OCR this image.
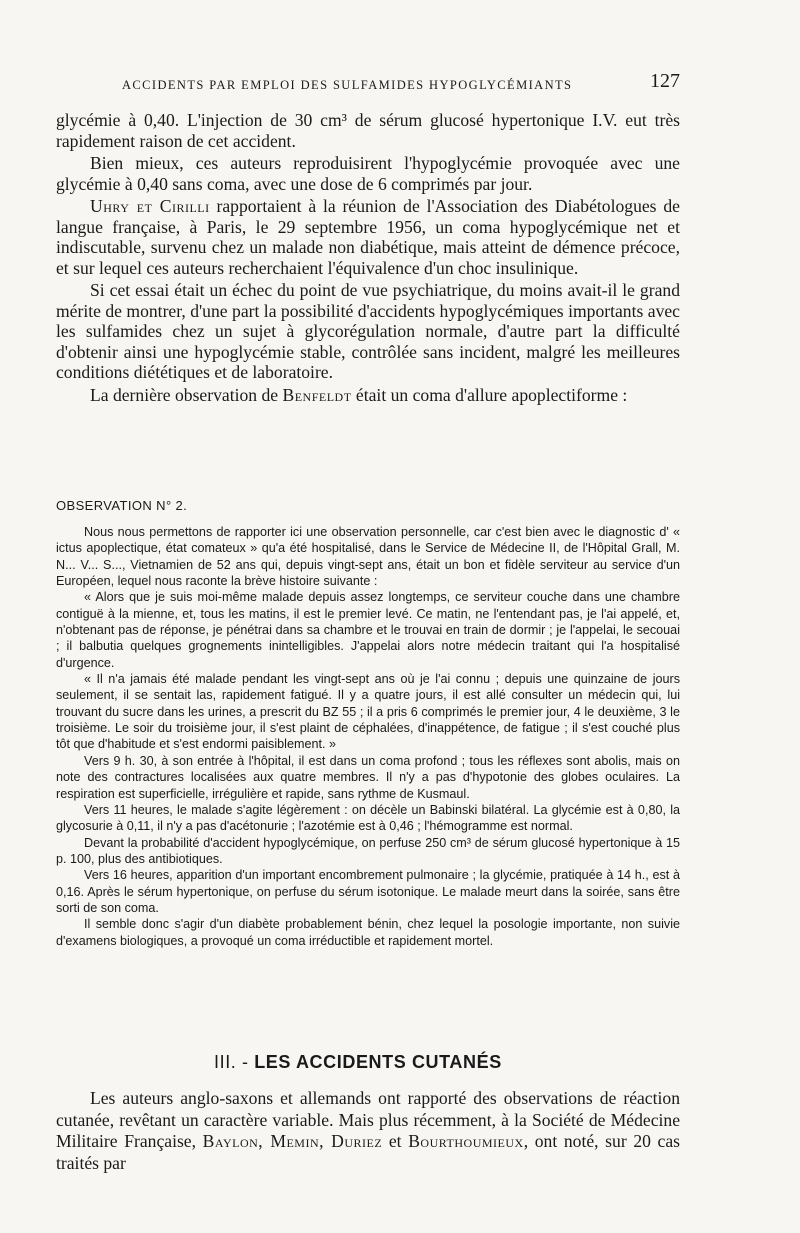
ACCIDENTS PAR EMPLOI DES SULFAMIDES HYPOGLYCÉMIANTS	127

glycémie à 0,40. L'injection de 30 cm³ de sérum glucosé hypertonique I.V. eut très rapidement raison de cet accident.

Bien mieux, ces auteurs reproduisirent l'hypoglycémie provoquée avec une glycémie à 0,40 sans coma, avec une dose de 6 comprimés par jour.

Uhry et Cirilli rapportaient à la réunion de l'Association des Diabétologues de langue française, à Paris, le 29 septembre 1956, un coma hypoglycémique net et indiscutable, survenu chez un malade non diabétique, mais atteint de démence précoce, et sur lequel ces auteurs recherchaient l'équivalence d'un choc insulinique.

Si cet essai était un échec du point de vue psychiatrique, du moins avait-il le grand mérite de montrer, d'une part la possibilité d'accidents hypoglycémiques importants avec les sulfamides chez un sujet à glycorégulation normale, d'autre part la difficulté d'obtenir ainsi une hypoglycémie stable, contrôlée sans incident, malgré les meilleures conditions diététiques et de laboratoire.

La dernière observation de Benfeldt était un coma d'allure apoplectiforme :

OBSERVATION N° 2.

Nous nous permettons de rapporter ici une observation personnelle, car c'est bien avec le diagnostic d' « ictus apoplectique, état comateux » qu'a été hospitalisé, dans le Service de Médecine II, de l'Hôpital Grall, M. N... V... S..., Vietnamien de 52 ans qui, depuis vingt-sept ans, était un bon et fidèle serviteur au service d'un Européen, lequel nous raconte la brève histoire suivante :

« Alors que je suis moi-même malade depuis assez longtemps, ce serviteur couche dans une chambre contiguë à la mienne, et, tous les matins, il est le premier levé. Ce matin, ne l'entendant pas, je l'ai appelé, et, n'obtenant pas de réponse, je pénétrai dans sa chambre et le trouvai en train de dormir ; je l'appelai, le secouai ; il balbutia quelques grognements inintelligibles. J'appelai alors notre médecin traitant qui l'a hospitalisé d'urgence.

« Il n'a jamais été malade pendant les vingt-sept ans où je l'ai connu ; depuis une quinzaine de jours seulement, il se sentait las, rapidement fatigué. Il y a quatre jours, il est allé consulter un médecin qui, lui trouvant du sucre dans les urines, a prescrit du BZ 55 ; il a pris 6 comprimés le premier jour, 4 le deuxième, 3 le troisième. Le soir du troisième jour, il s'est plaint de céphalées, d'inappétence, de fatigue ; il s'est couché plus tôt que d'habitude et s'est endormi paisiblement. »

Vers 9 h. 30, à son entrée à l'hôpital, il est dans un coma profond ; tous les réflexes sont abolis, mais on note des contractures localisées aux quatre membres. Il n'y a pas d'hypotonie des globes oculaires. La respiration est superficielle, irrégulière et rapide, sans rythme de Kusmaul.

Vers 11 heures, le malade s'agite légèrement : on décèle un Babinski bilatéral. La glycémie est à 0,80, la glycosurie à 0,11, il n'y a pas d'acétonurie ; l'azotémie est à 0,46 ; l'hémogramme est normal.

Devant la probabilité d'accident hypoglycémique, on perfuse 250 cm³ de sérum glucosé hypertonique à 15 p. 100, plus des antibiotiques.

Vers 16 heures, apparition d'un important encombrement pulmonaire ; la glycémie, pratiquée à 14 h., est à 0,16. Après le sérum hypertonique, on perfuse du sérum isotonique. Le malade meurt dans la soirée, sans être sorti de son coma.

Il semble donc s'agir d'un diabète probablement bénin, chez lequel la posologie importante, non suivie d'examens biologiques, a provoqué un coma irréductible et rapidement mortel.

III. - LES ACCIDENTS CUTANÉS

Les auteurs anglo-saxons et allemands ont rapporté des observations de réaction cutanée, revêtant un caractère variable. Mais plus récemment, à la Société de Médecine Militaire Française, Baylon, Memin, Duriez et Bourthoumieux, ont noté, sur 20 cas traités par
